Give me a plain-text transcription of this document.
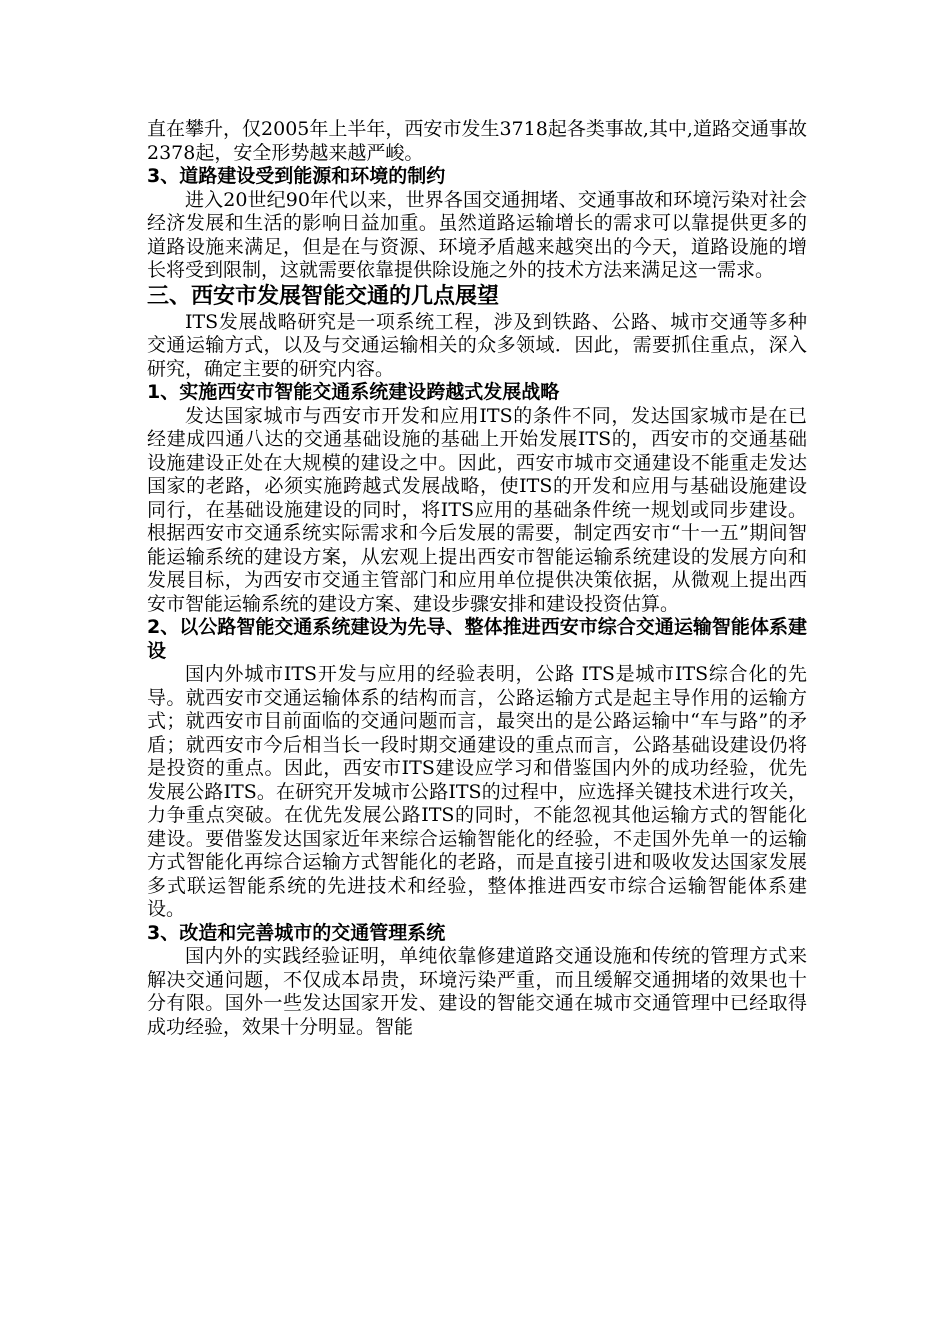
直在攀升，仅2005年上半年，西安市发生3718起各类事故,其中,道路交通事故2378起，安全形势越来越严峻。

3、道路建设受到能源和环境的制约

进入20世纪90年代以来，世界各国交通拥堵、交通事故和环境污染对社会经济发展和生活的影响日益加重。虽然道路运输增长的需求可以靠提供更多的道路设施来满足，但是在与资源、环境矛盾越来越突出的今天，道路设施的增长将受到限制，这就需要依靠提供除设施之外的技术方法来满足这一需求。

三、西安市发展智能交通的几点展望

ITS发展战略研究是一项系统工程，涉及到铁路、公路、城市交通等多种交通运输方式，以及与交通运输相关的众多领域．因此，需要抓住重点，深入研究，确定主要的研究内容。

1、实施西安市智能交通系统建设跨越式发展战略

发达国家城市与西安市开发和应用ITS的条件不同，发达国家城市是在已经建成四通八达的交通基础设施的基础上开始发展ITS的，西安市的交通基础设施建设正处在大规模的建设之中。因此，西安市城市交通建设不能重走发达国家的老路，必须实施跨越式发展战略，使ITS的开发和应用与基础设施建设同行，在基础设施建设的同时，将ITS应用的基础条件统一规划或同步建设。根据西安市交通系统实际需求和今后发展的需要，制定西安市“十一五”期间智能运输系统的建设方案，从宏观上提出西安市智能运输系统建设的发展方向和发展目标，为西安市交通主管部门和应用单位提供决策依据，从微观上提出西安市智能运输系统的建设方案、建设步骤安排和建设投资估算。

2、以公路智能交通系统建设为先导、整体推进西安市综合交通运输智能体系建设

国内外城市ITS开发与应用的经验表明，公路 ITS是城市ITS综合化的先导。就西安市交通运输体系的结构而言，公路运输方式是起主导作用的运输方式；就西安市目前面临的交通问题而言，最突出的是公路运输中“车与路”的矛盾；就西安市今后相当长一段时期交通建设的重点而言，公路基础设建设仍将是投资的重点。因此，西安市ITS建设应学习和借鉴国内外的成功经验，优先发展公路ITS。在研究开发城市公路ITS的过程中，应选择关键技术进行攻关，力争重点突破。在优先发展公路ITS的同时，不能忽视其他运输方式的智能化建设。要借鉴发达国家近年来综合运输智能化的经验，不走国外先单一的运输方式智能化再综合运输方式智能化的老路，而是直接引进和吸收发达国家发展多式联运智能系统的先进技术和经验，整体推进西安市综合运输智能体系建设。

3、改造和完善城市的交通管理系统

国内外的实践经验证明，单纯依靠修建道路交通设施和传统的管理方式来解决交通问题，不仅成本昂贵，环境污染严重，而且缓解交通拥堵的效果也十分有限。国外一些发达国家开发、建设的智能交通在城市交通管理中已经取得成功经验，效果十分明显。智能
